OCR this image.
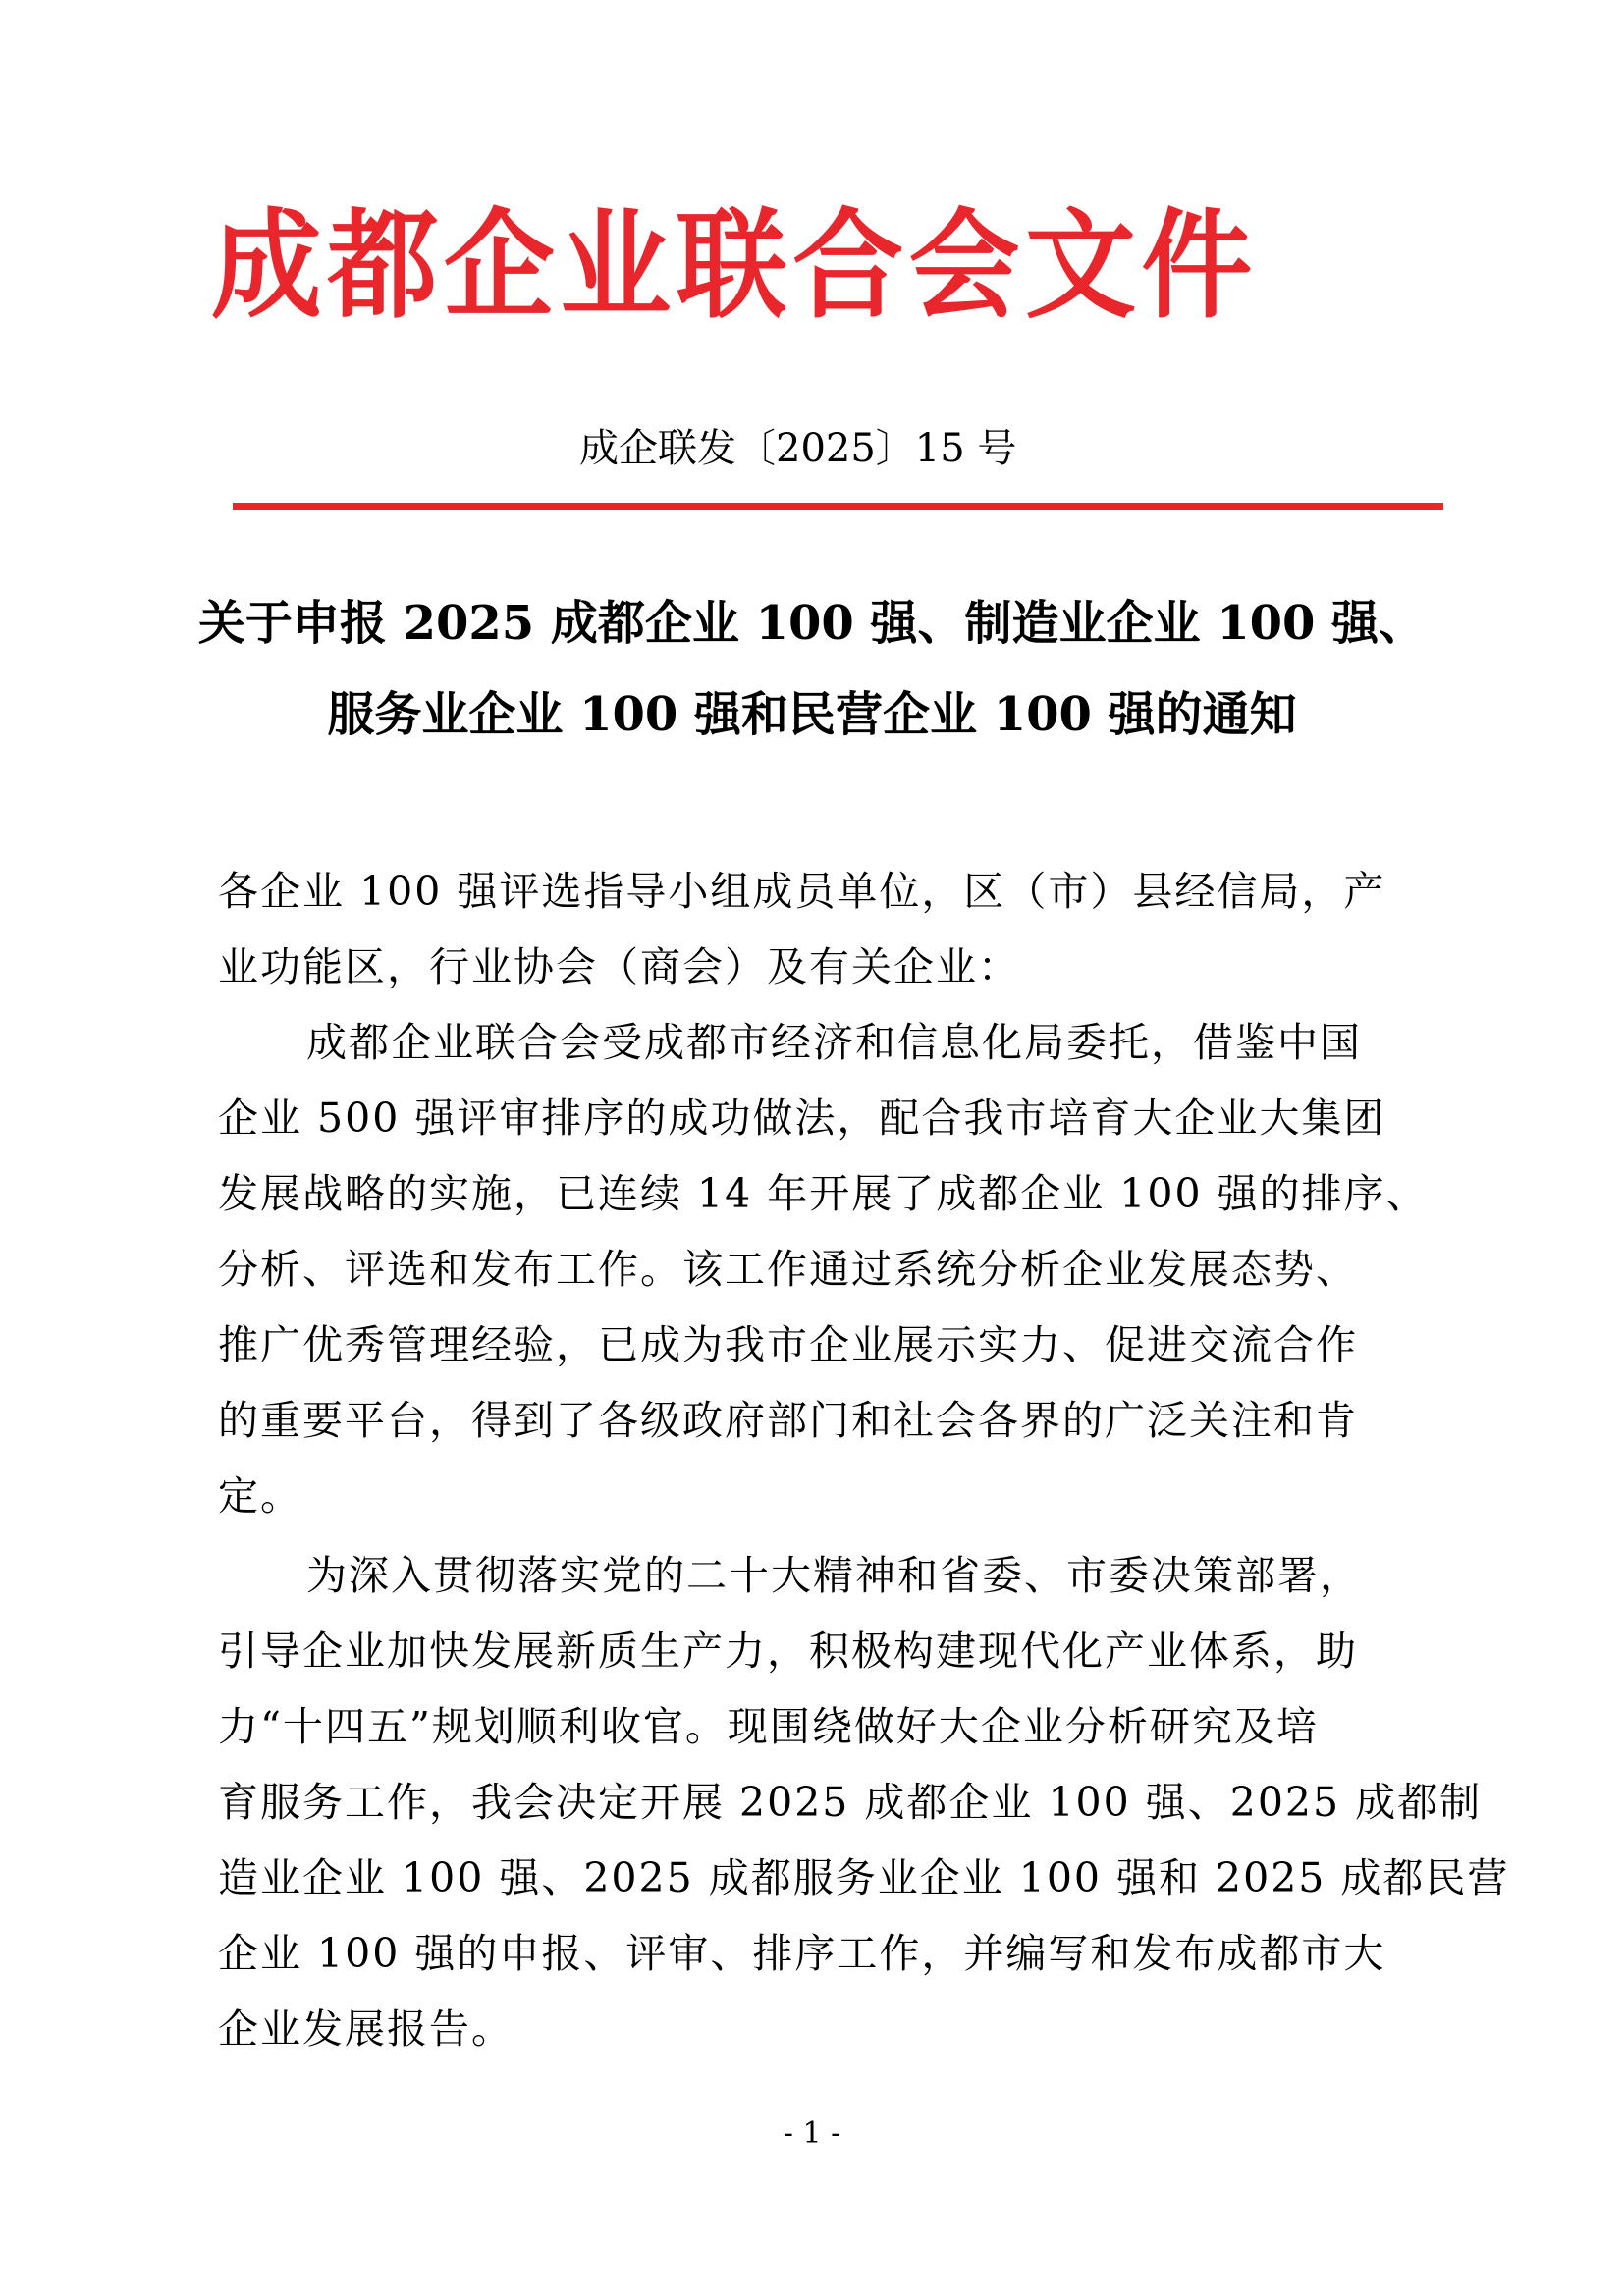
成都企业联合会文件
成企联发〔2025〕15 号
关于申报 2025 成都企业 100 强、制造业企业 100 强、
服务业企业 100 强和民营企业 100 强的通知
各企业 100 强评选指导小组成员单位，区（市）县经信局，产
业功能区，行业协会（商会）及有关企业：
成都企业联合会受成都市经济和信息化局委托，借鉴中国
企业 500 强评审排序的成功做法，配合我市培育大企业大集团
发展战略的实施，已连续 14 年开展了成都企业 100 强的排序、
分析、评选和发布工作。该工作通过系统分析企业发展态势、
推广优秀管理经验，已成为我市企业展示实力、促进交流合作
的重要平台，得到了各级政府部门和社会各界的广泛关注和肯
定。
为深入贯彻落实党的二十大精神和省委、市委决策部署，
引导企业加快发展新质生产力，积极构建现代化产业体系，助
力“十四五”规划顺利收官。现围绕做好大企业分析研究及培
育服务工作，我会决定开展 2025 成都企业 100 强、2025 成都制
造业企业 100 强、2025 成都服务业企业 100 强和 2025 成都民营
企业 100 强的申报、评审、排序工作，并编写和发布成都市大
企业发展报告。
- 1 -
